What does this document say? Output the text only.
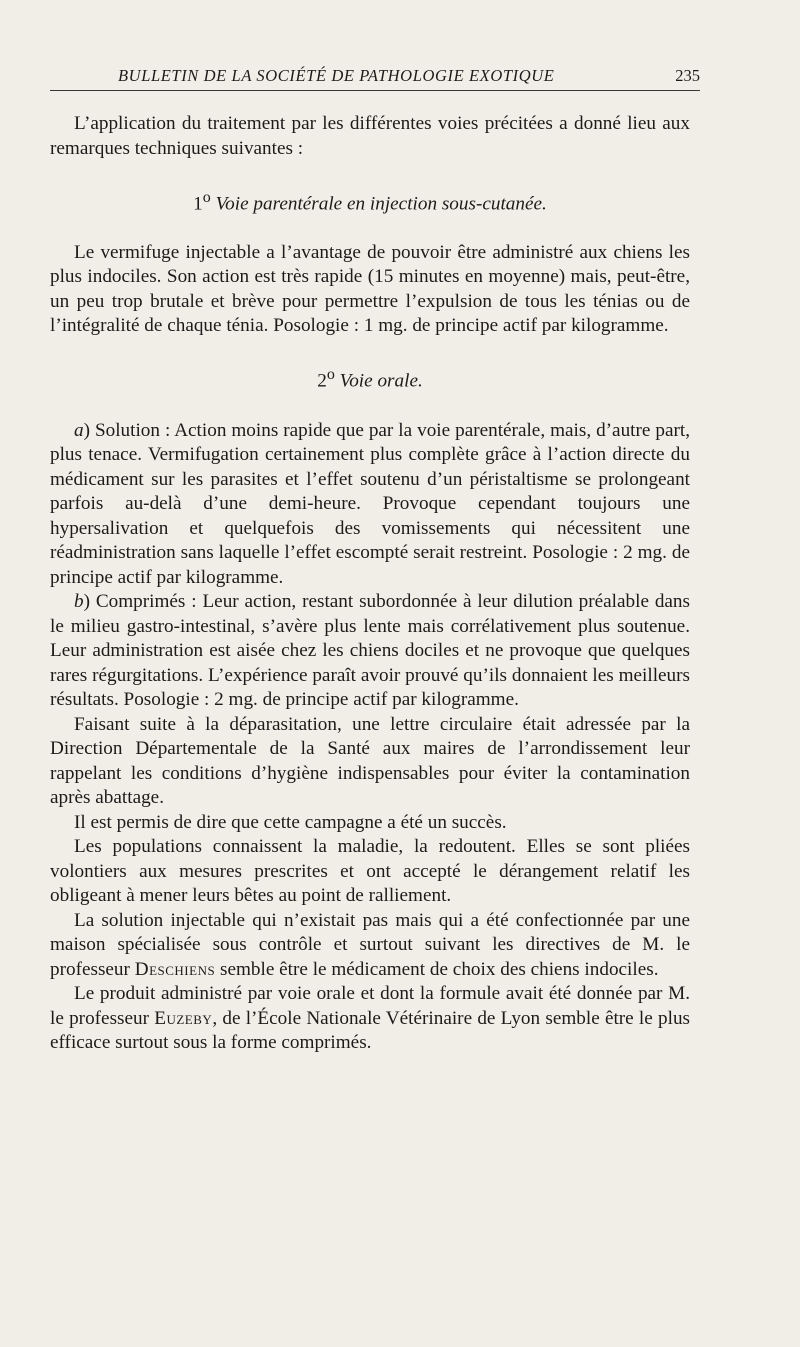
BULLETIN DE LA SOCIÉTÉ DE PATHOLOGIE EXOTIQUE	235

L’application du traitement par les différentes voies précitées a donné lieu aux remarques techniques suivantes :

1$^o$ Voie parentérale en injection sous-cutanée.

Le vermifuge injectable a l’avantage de pouvoir être administré aux chiens les plus indociles. Son action est très rapide (15 minutes en moyenne) mais, peut-être, un peu trop brutale et brève pour permettre l’expulsion de tous les ténias ou de l’intégralité de chaque ténia. Posologie : 1 mg. de principe actif par kilogramme.

2$^o$ Voie orale.

a) Solution : Action moins rapide que par la voie parentérale, mais, d’autre part, plus tenace. Vermifugation certainement plus complète grâce à l’action directe du médicament sur les parasites et l’effet soutenu d’un péristaltisme se prolongeant parfois au-delà d’une demi-heure. Provoque cependant toujours une hypersalivation et quelquefois des vomissements qui nécessitent une réadministration sans laquelle l’effet escompté serait restreint. Posologie : 2 mg. de principe actif par kilogramme.

b) Comprimés : Leur action, restant subordonnée à leur dilution préalable dans le milieu gastro-intestinal, s’avère plus lente mais corrélativement plus soutenue. Leur administration est aisée chez les chiens dociles et ne provoque que quelques rares régurgitations. L’expérience paraît avoir prouvé qu’ils donnaient les meilleurs résultats. Posologie : 2 mg. de principe actif par kilogramme.

Faisant suite à la déparasitation, une lettre circulaire était adressée par la Direction Départementale de la Santé aux maires de l’arrondissement leur rappelant les conditions d’hygiène indispensables pour éviter la contamination après abattage.

Il est permis de dire que cette campagne a été un succès.

Les populations connaissent la maladie, la redoutent. Elles se sont pliées volontiers aux mesures prescrites et ont accepté le dérangement relatif les obligeant à mener leurs bêtes au point de ralliement.

La solution injectable qui n’existait pas mais qui a été confectionnée par une maison spécialisée sous contrôle et surtout suivant les directives de M. le professeur Deschiens semble être le médicament de choix des chiens indociles.

Le produit administré par voie orale et dont la formule avait été donnée par M. le professeur Euzeby, de l’École Nationale Vétérinaire de Lyon semble être le plus efficace surtout sous la forme comprimés.
